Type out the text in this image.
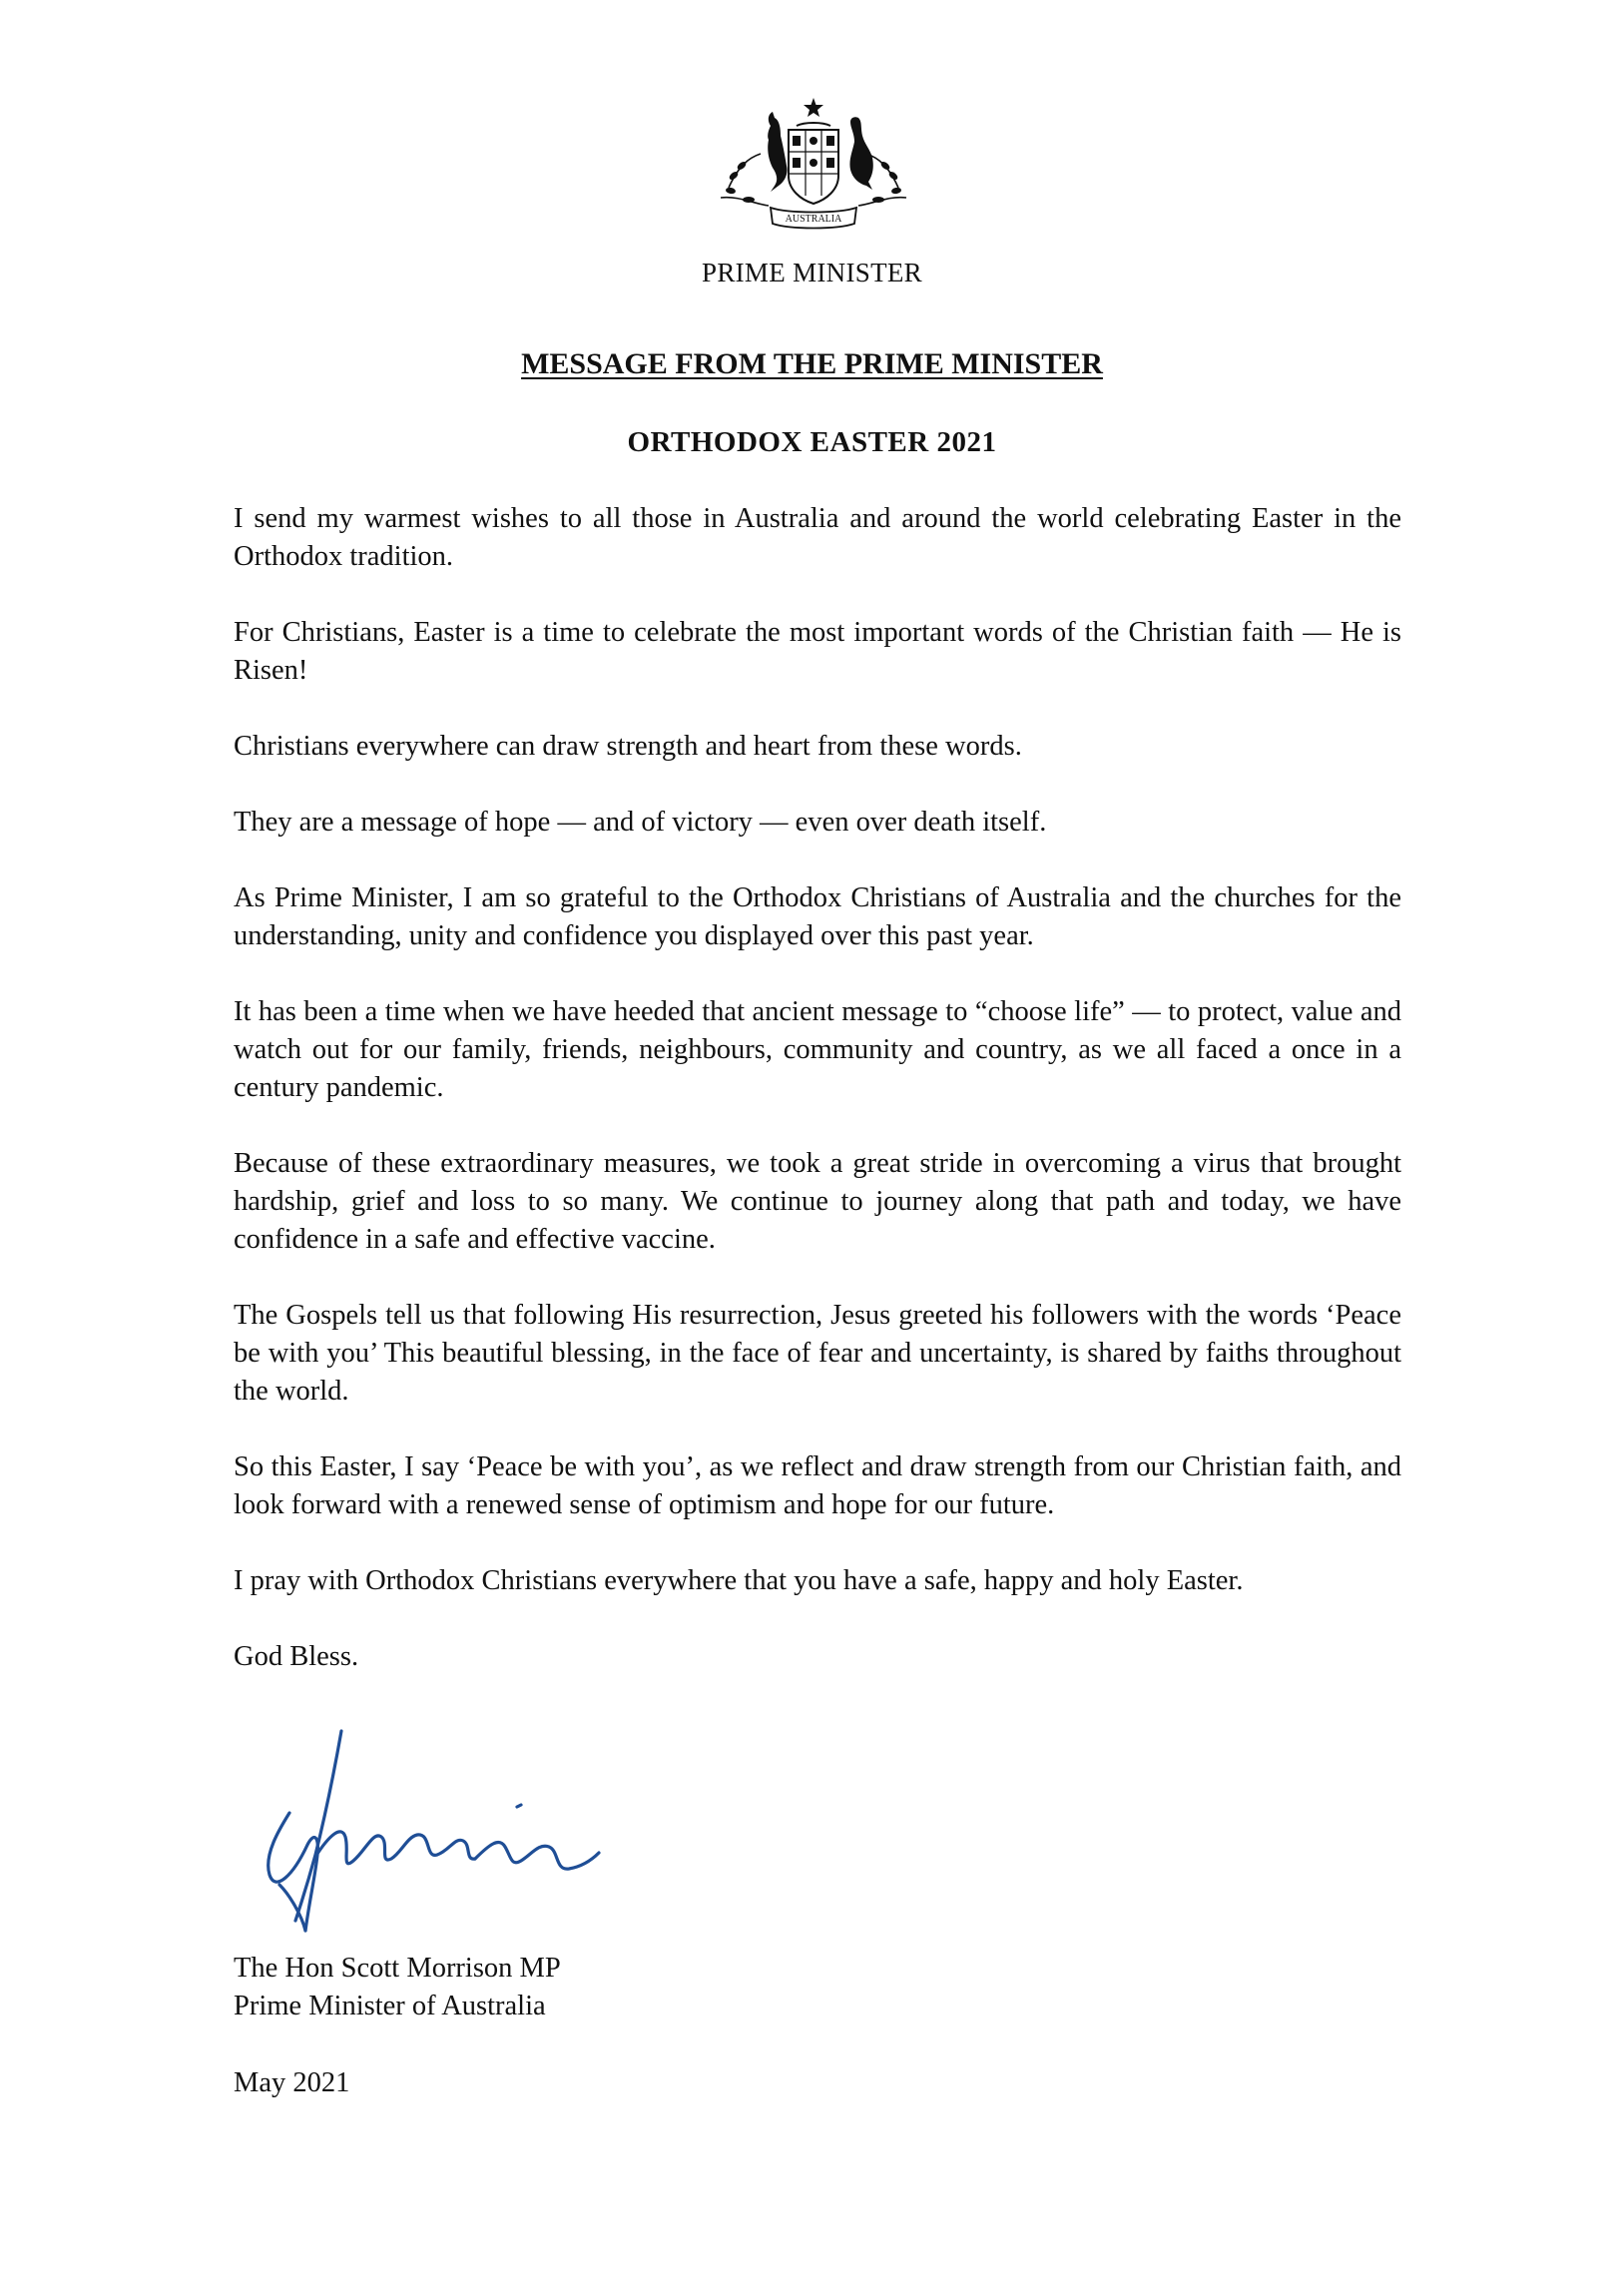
AUSTRALIA
PRIME MINISTER
MESSAGE FROM THE PRIME MINISTER
ORTHODOX EASTER 2021

I send my warmest wishes to all those in Australia and around the world celebrating Easter in the Orthodox tradition.

For Christians, Easter is a time to celebrate the most important words of the Christian faith — He is Risen!

Christians everywhere can draw strength and heart from these words.

They are a message of hope — and of victory — even over death itself.

As Prime Minister, I am so grateful to the Orthodox Christians of Australia and the churches for the understanding, unity and confidence you displayed over this past year.

It has been a time when we have heeded that ancient message to “choose life” — to protect, value and watch out for our family, friends, neighbours, community and country, as we all faced a once in a century pandemic.

Because of these extraordinary measures, we took a great stride in overcoming a virus that brought hardship, grief and loss to so many. We continue to journey along that path and today, we have confidence in a safe and effective vaccine.

The Gospels tell us that following His resurrection, Jesus greeted his followers with the words ‘Peace be with you’ This beautiful blessing, in the face of fear and uncertainty, is shared by faiths throughout the world.

So this Easter, I say ‘Peace be with you’, as we reflect and draw strength from our Christian faith, and look forward with a renewed sense of optimism and hope for our future.

I pray with Orthodox Christians everywhere that you have a safe, happy and holy Easter.

God Bless.

The Hon Scott Morrison MP
Prime Minister of Australia
May 2021
